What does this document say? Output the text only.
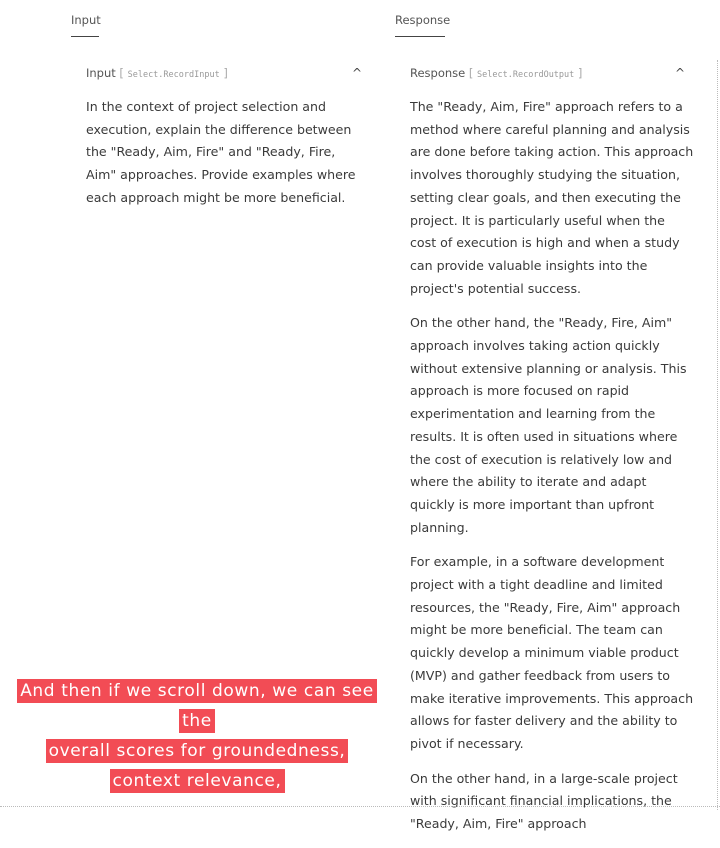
Input	Response
Input [ Select.RecordInput ]	^

In the context of project selection and execution, explain the difference between the "Ready, Aim, Fire" and "Ready, Fire, Aim" approaches. Provide examples where each approach might be more beneficial.

Response [ Select.RecordOutput ]	^

The "Ready, Aim, Fire" approach refers to a method where careful planning and analysis are done before taking action. This approach involves thoroughly studying the situation, setting clear goals, and then executing the project. It is particularly useful when the cost of execution is high and when a study can provide valuable insights into the project's potential success.

On the other hand, the "Ready, Fire, Aim" approach involves taking action quickly without extensive planning or analysis. This approach is more focused on rapid experimentation and learning from the results. It is often used in situations where the cost of execution is relatively low and where the ability to iterate and adapt quickly is more important than upfront planning.

For example, in a software development project with a tight deadline and limited resources, the "Ready, Fire, Aim" approach might be more beneficial. The team can quickly develop a minimum viable product (MVP) and gather feedback from users to make iterative improvements. This approach allows for faster delivery and the ability to pivot if necessary.

On the other hand, in a large-scale project with significant financial implications, the "Ready, Aim, Fire" approach

And then if we scroll down, we can see the
overall scores for groundedness, context relevance,
